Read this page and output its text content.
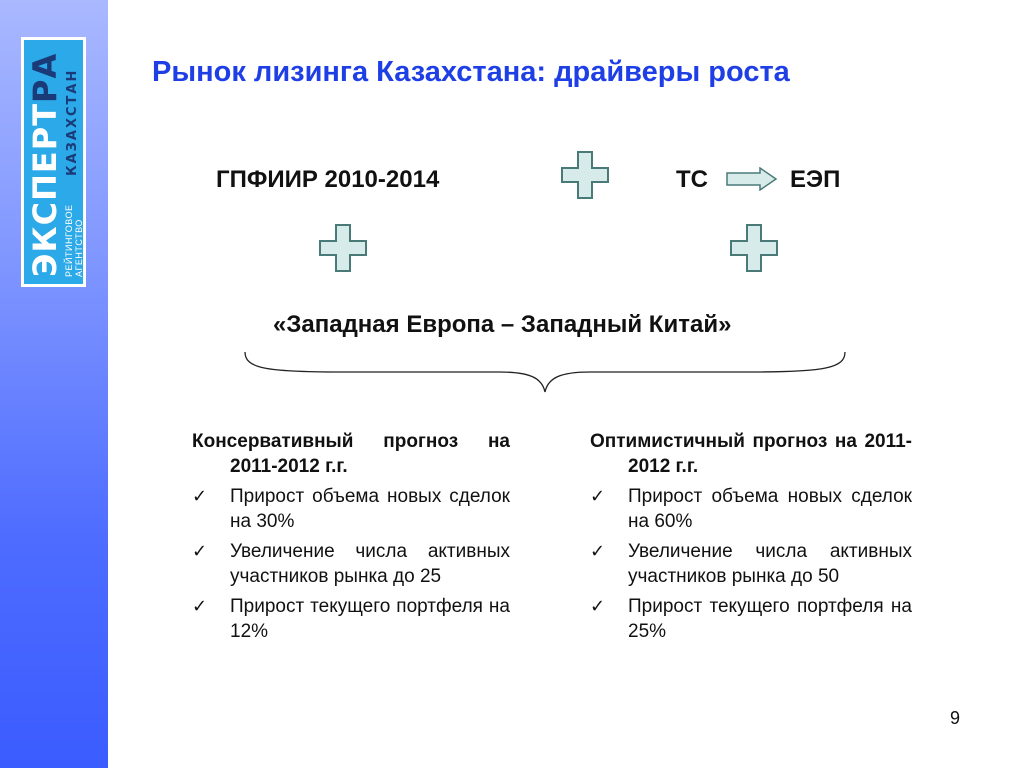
ЭКСПЕРТРА
РЕЙТИНГОВОЕ АГЕНТСТВО
КАЗАХСТАН Рынок лизинга Казахстана: драйверы роста
ГПФИИР 2010-2014	ТС	ЕЭП
«Западная Европа – Западный Китай»
Консервативный прогноз на 2011-2012 г.г.
✓ Прирост объема новых сделок на 30%
✓ Увеличение числа активных участников рынка до 25
✓ Прирост текущего портфеля на 12%
Оптимистичный прогноз на 2011-2012 г.г.
✓ Прирост объема новых сделок на 60%
✓ Увеличение числа активных участников рынка до 50
✓ Прирост текущего портфеля на 25%
9
